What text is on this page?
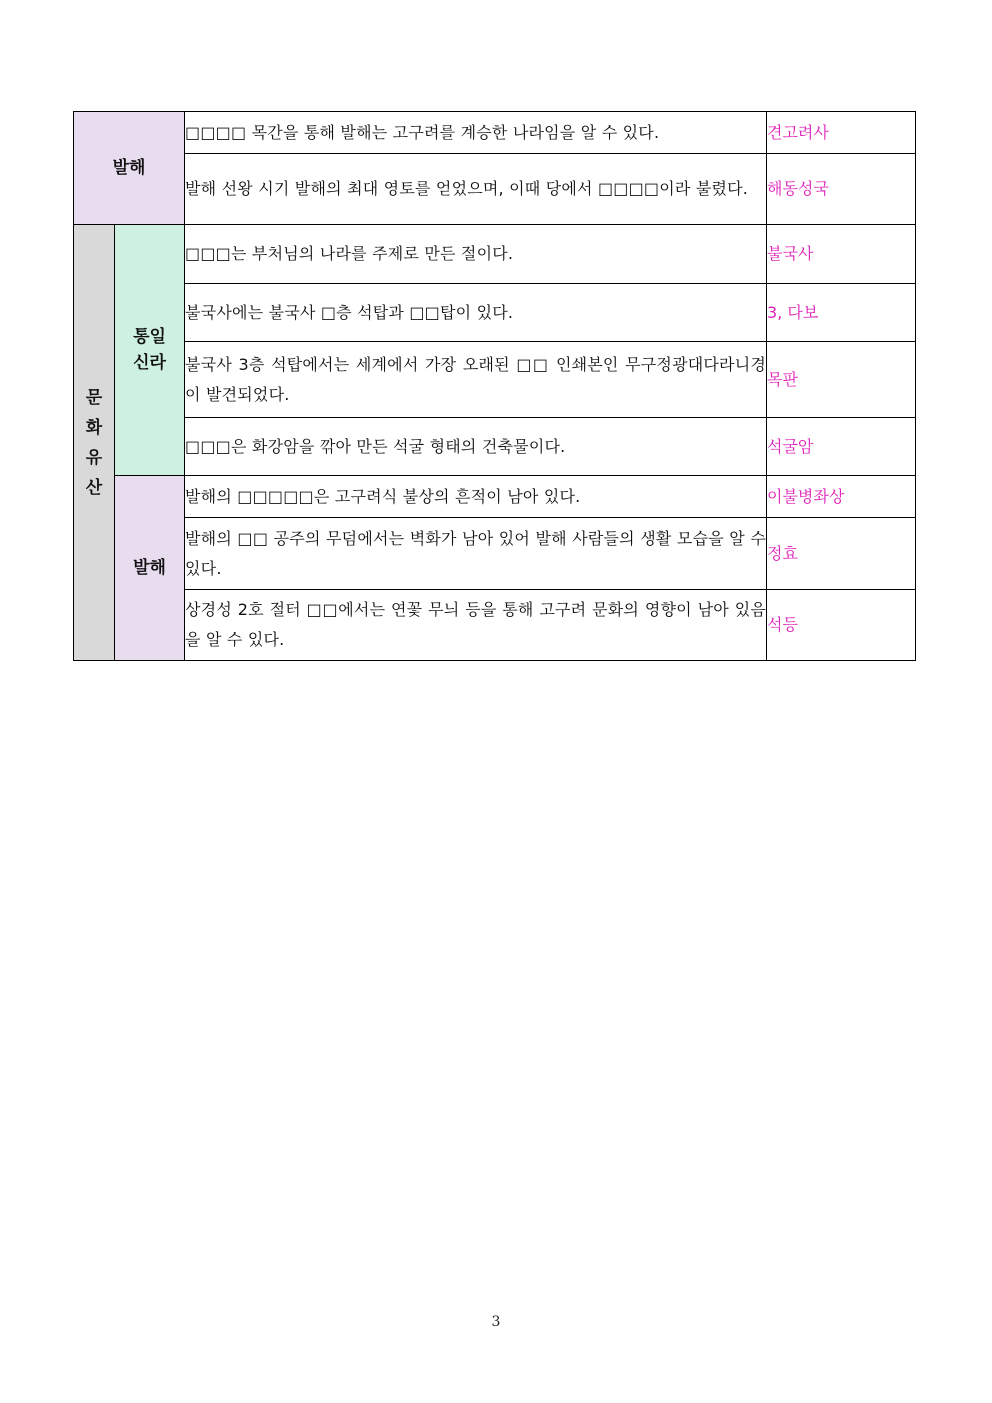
발해		□□□□ 목간을 통해 발해는 고구려를 계승한 나라임을 알 수 있다.	견고려사
		발해 선왕 시기 발해의 최대 영토를 얻었으며, 이때 당에서 □□□□이라 불렸다.	해동성국
문화유산	통일 신라	□□□는 부처님의 나라를 주제로 만든 절이다.	불국사
		불국사에는 불국사 □층 석탑과 □□탑이 있다.	3, 다보
		불국사 3층 석탑에서는 세계에서 가장 오래된 □□ 인쇄본인 무구정광대다라니경이 발견되었다.	목판
		□□□은 화강암을 깎아 만든 석굴 형태의 건축물이다.	석굴암
	발해	발해의 □□□□□은 고구려식 불상의 흔적이 남아 있다.	이불병좌상
		발해의 □□ 공주의 무덤에서는 벽화가 남아 있어 발해 사람들의 생활 모습을 알 수 있다.	정효
		상경성 2호 절터 □□에서는 연꽃 무늬 등을 통해 고구려 문화의 영향이 남아 있음을 알 수 있다.	석등
3
